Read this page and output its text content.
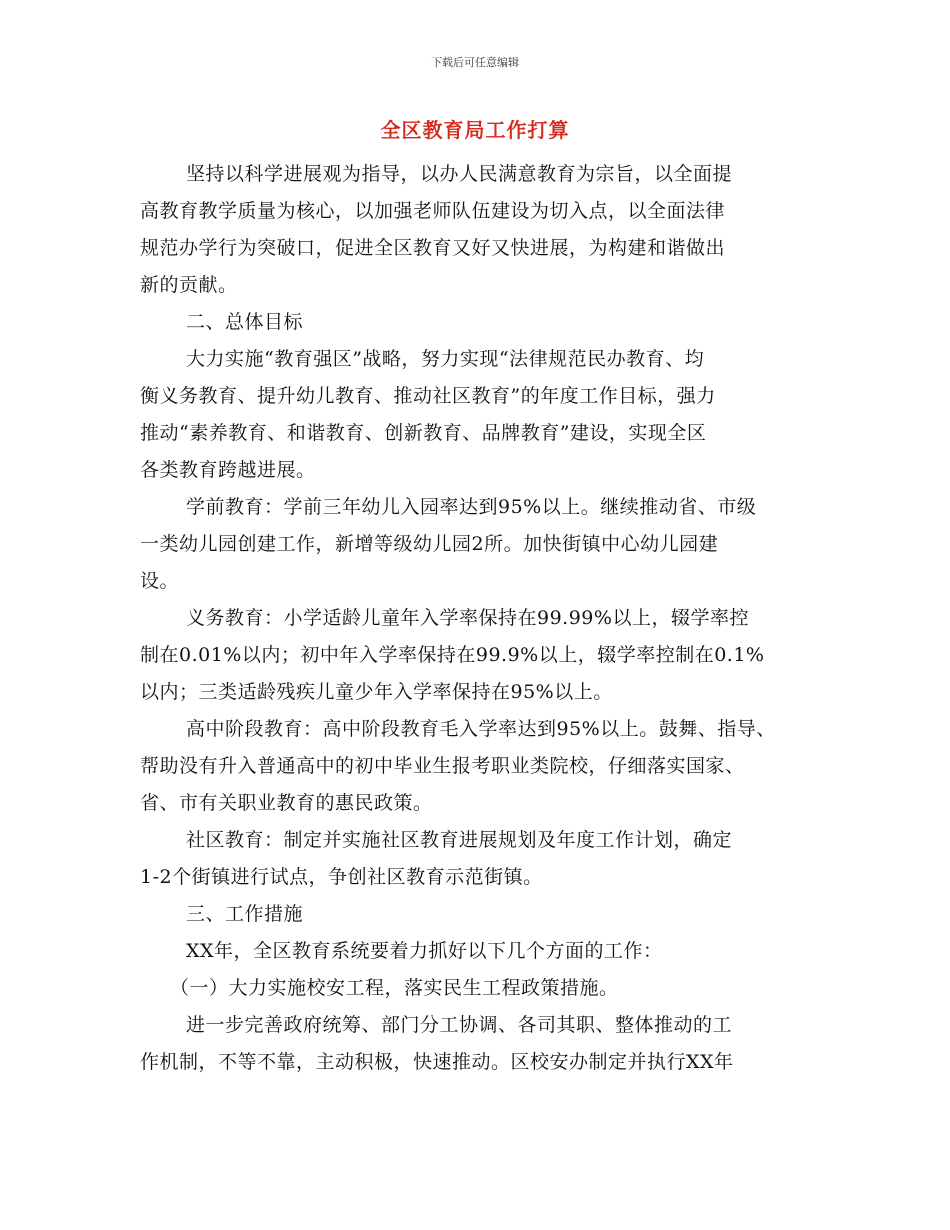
下载后可任意编辑
全区教育局工作打算
坚持以科学进展观为指导，以办人民满意教育为宗旨，以全面提
高教育教学质量为核心，以加强老师队伍建设为切入点，以全面法律
规范办学行为突破口，促进全区教育又好又快进展，为构建和谐做出
新的贡献。
二、总体目标
大力实施“教育强区”战略，努力实现“法律规范民办教育、均
衡义务教育、提升幼儿教育、推动社区教育”的年度工作目标，强力
推动“素养教育、和谐教育、创新教育、品牌教育”建设，实现全区
各类教育跨越进展。
学前教育：学前三年幼儿入园率达到95%以上。继续推动省、市级
一类幼儿园创建工作，新增等级幼儿园2所。加快街镇中心幼儿园建
设。
义务教育：小学适龄儿童年入学率保持在99.99%以上，辍学率控
制在0.01%以内；初中年入学率保持在99.9%以上，辍学率控制在0.1%
以内；三类适龄残疾儿童少年入学率保持在95%以上。
高中阶段教育：高中阶段教育毛入学率达到95%以上。鼓舞、指导、
帮助没有升入普通高中的初中毕业生报考职业类院校，仔细落实国家、
省、市有关职业教育的惠民政策。
社区教育：制定并实施社区教育进展规划及年度工作计划，确定
1-2个街镇进行试点，争创社区教育示范街镇。
三、工作措施
XX年，全区教育系统要着力抓好以下几个方面的工作：
（一）大力实施校安工程，落实民生工程政策措施。
进一步完善政府统筹、部门分工协调、各司其职、整体推动的工
作机制，不等不靠，主动积极，快速推动。区校安办制定并执行XX年
